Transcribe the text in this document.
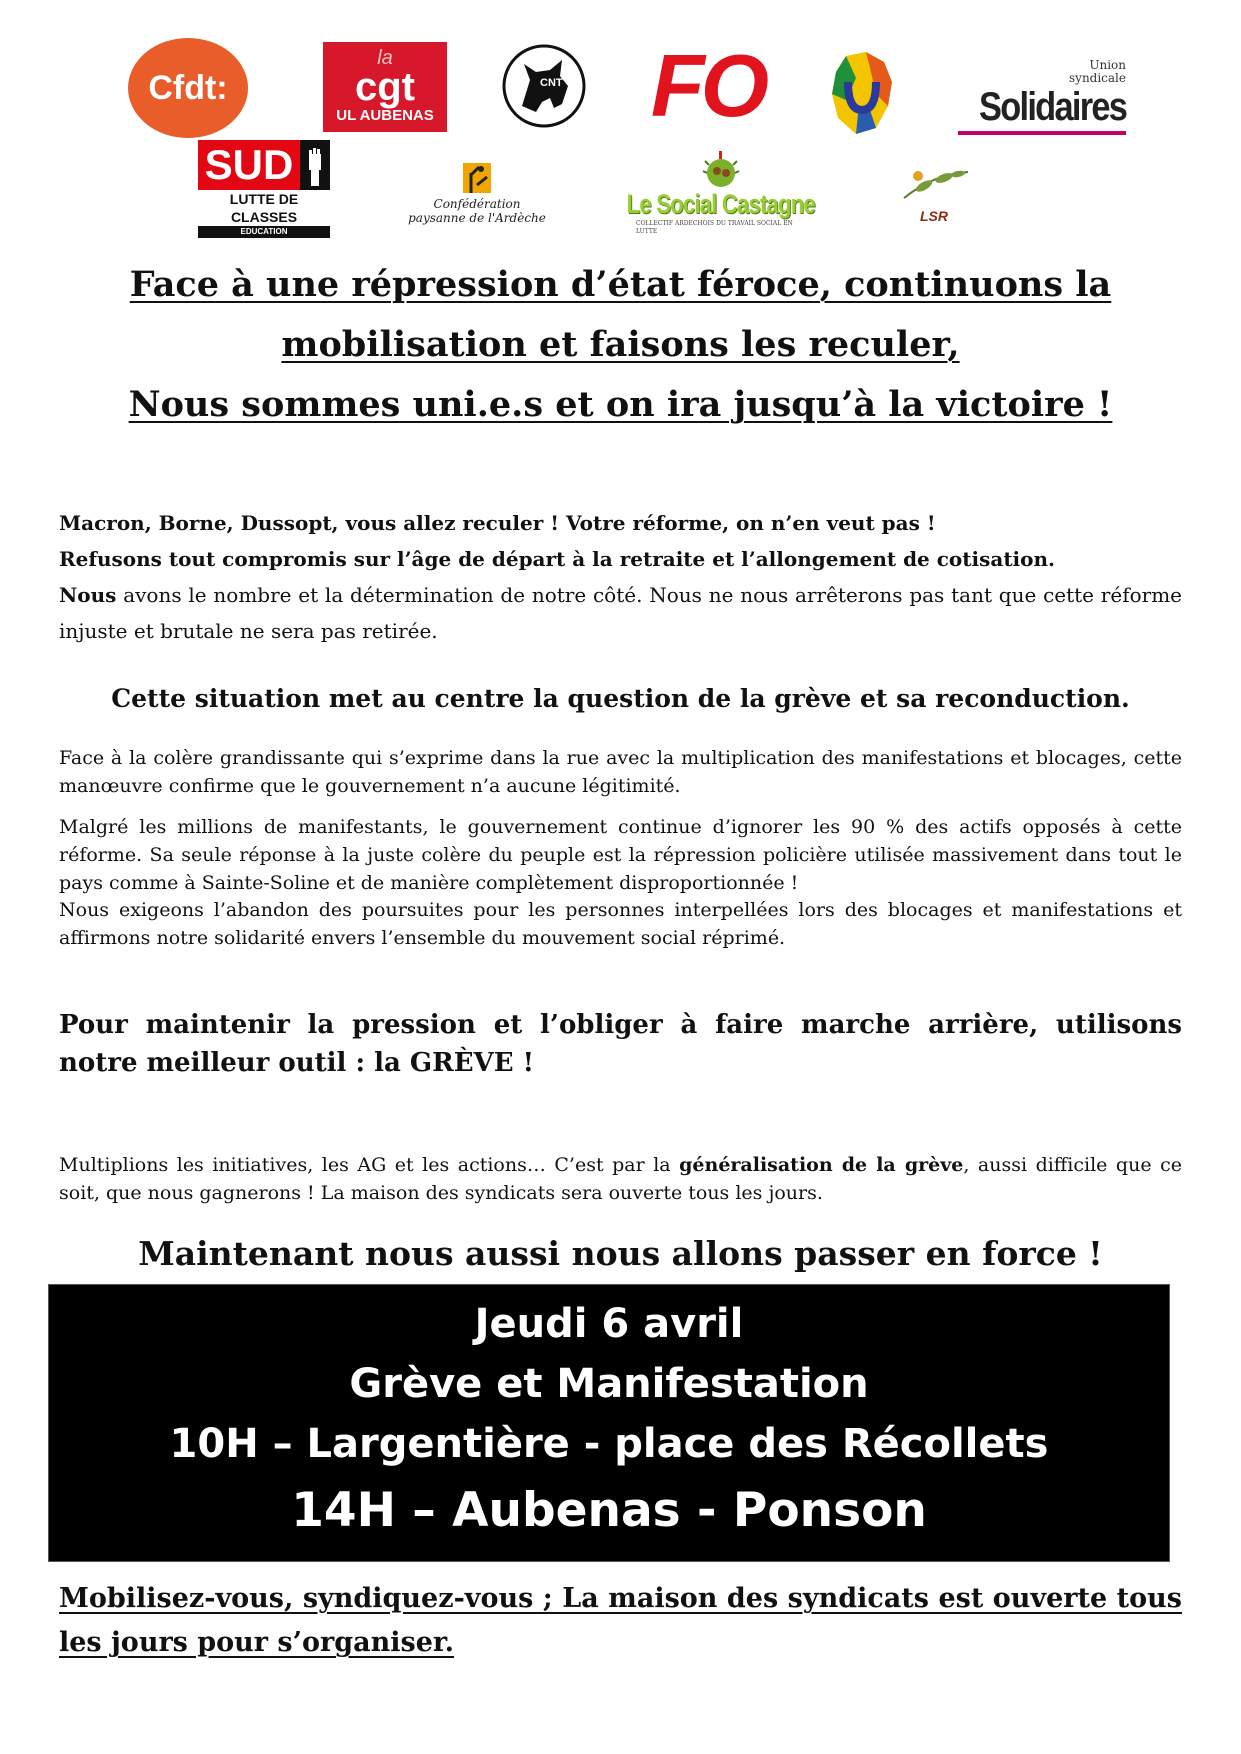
Cfdt:
la
cgt
UL AUBENAS
CNT FO	Union syndicale
Solidaires
SUD
LUTTE DE CLASSES
EDUCATION
Confédération paysanne de l'Ardèche	Le Social Castagne
COLLECTIF ARDECHOIS DU TRAVAIL SOCIAL EN LUTTE
LSR
Face à une répression d’état féroce, continuons la
mobilisation et faisons les reculer,
Nous sommes uni.e.s et on ira jusqu’à la victoire !
Macron, Borne, Dussopt, vous allez reculer ! Votre réforme, on n’en veut pas !
Refusons tout compromis sur l’âge de départ à la retraite et l’allongement de cotisation.
Nous avons le nombre et la détermination de notre côté. Nous ne nous arrêterons pas tant que cette réforme injuste et brutale ne sera pas retirée.
Cette situation met au centre la question de la grève et sa reconduction.
Face à la colère grandissante qui s’exprime dans la rue avec la multiplication des manifestations et blocages, cette manœuvre confirme que le gouvernement n’a aucune légitimité.
Malgré les millions de manifestants, le gouvernement continue d’ignorer les 90 % des actifs opposés à cette réforme. Sa seule réponse à la juste colère du peuple est la répression policière utilisée massivement dans tout le pays comme à Sainte-Soline et de manière complètement disproportionnée !
Nous exigeons l’abandon des poursuites pour les personnes interpellées lors des blocages et manifestations et affirmons notre solidarité envers l’ensemble du mouvement social réprimé.
Pour maintenir la pression et l’obliger à faire marche arrière, utilisons notre meilleur outil : la GRÈVE !
Multiplions les initiatives, les AG et les actions… C’est par la généralisation de la grève, aussi difficile que ce soit, que nous gagnerons ! La maison des syndicats sera ouverte tous les jours.
Maintenant nous aussi nous allons passer en force !
Jeudi 6 avril
Grève et Manifestation
10H – Largentière - place des Récollets
14H – Aubenas - Ponson
Mobilisez-vous, syndiquez-vous ; La maison des syndicats est ouverte tous les jours pour s’organiser.
